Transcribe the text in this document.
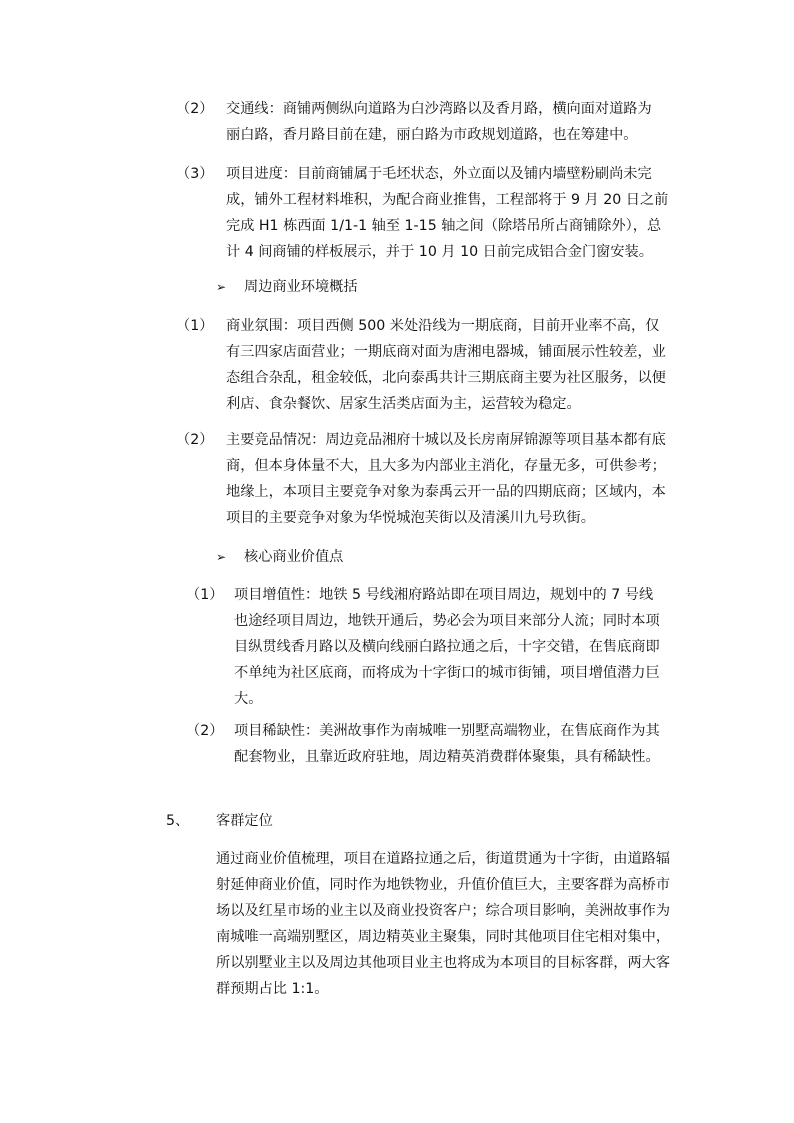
（2） 交通线：商铺两侧纵向道路为白沙湾路以及香月路，横向面对道路为丽白路，香月路目前在建，丽白路为市政规划道路，也在筹建中。
（3） 项目进度：目前商铺属于毛坯状态，外立面以及铺内墙壁粉刷尚未完成，铺外工程材料堆积，为配合商业推售，工程部将于 9 月 20 日之前完成 H1 栋西面 1/1-1 轴至 1-15 轴之间（除塔吊所占商铺除外），总计 4 间商铺的样板展示，并于 10 月 10 日前完成铝合金门窗安装。
➢ 周边商业环境概括
（1） 商业氛围：项目西侧 500 米处沿线为一期底商，目前开业率不高，仅有三四家店面营业；一期底商对面为唐湘电器城，铺面展示性较差，业态组合杂乱，租金较低，北向泰禹共计三期底商主要为社区服务，以便利店、食杂餐饮、居家生活类店面为主，运营较为稳定。
（2） 主要竞品情况：周边竞品湘府十城以及长房南屏锦源等项目基本都有底商，但本身体量不大，且大多为内部业主消化，存量无多，可供参考；地缘上，本项目主要竞争对象为泰禹云开一品的四期底商；区域内，本项目的主要竞争对象为华悦城泡芙街以及清溪川九号玖街。
➢ 核心商业价值点
（1） 项目增值性：地铁 5 号线湘府路站即在项目周边，规划中的 7 号线也途经项目周边，地铁开通后，势必会为项目来部分人流；同时本项目纵贯线香月路以及横向线丽白路拉通之后，十字交错，在售底商即不单纯为社区底商，而将成为十字街口的城市街铺，项目增值潜力巨大。
（2） 项目稀缺性：美洲故事作为南城唯一别墅高端物业，在售底商作为其配套物业，且靠近政府驻地，周边精英消费群体聚集，具有稀缺性。
5、 客群定位
通过商业价值梳理，项目在道路拉通之后，街道贯通为十字街，由道路辐射延伸商业价值，同时作为地铁物业，升值价值巨大，主要客群为高桥市场以及红星市场的业主以及商业投资客户；综合项目影响，美洲故事作为南城唯一高端别墅区，周边精英业主聚集，同时其他项目住宅相对集中，所以别墅业主以及周边其他项目业主也将成为本项目的目标客群，两大客群预期占比 1:1。
